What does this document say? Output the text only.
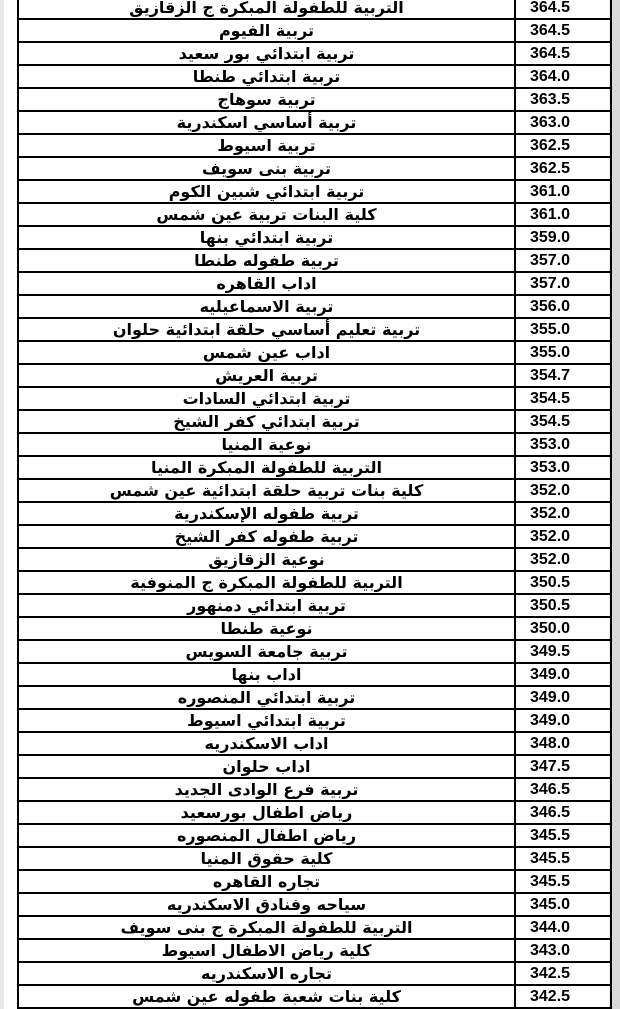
التربية للطفولة المبكرة ج الزقازيق	364.5
تربية الفيوم	364.5
تربية ابتدائي بور سعيد	364.5
تربية ابتدائي طنطا	364.0
تربية سوهاج	363.5
تربية أساسي اسكندرية	363.0
تربية اسيوط	362.5
تربية بنى سويف	362.5
تربية ابتدائي شبين الكوم	361.0
كلية البنات تربية عين شمس	361.0
تربية ابتدائي بنها	359.0
تربية طفوله طنطا	357.0
اداب القاهره	357.0
تربية الاسماعيليه	356.0
تربية تعليم أساسي حلقة ابتدائية حلوان	355.0
اداب عين شمس	355.0
تربية العريش	354.7
تربية ابتدائي السادات	354.5
تربية ابتدائي كفر الشيخ	354.5
نوعية المنيا	353.0
التربية للطفولة المبكرة المنيا	353.0
كلية بنات تربية حلقة ابتدائية عين شمس	352.0
تربية طفوله الإسكندرية	352.0
تربية طفوله كفر الشيخ	352.0
نوعية الزقازيق	352.0
التربية للطفولة المبكرة ج المنوفية	350.5
تربية ابتدائي دمنهور	350.5
نوعية طنطا	350.0
تربية جامعة السويس	349.5
اداب بنها	349.0
تربية ابتدائي المنصوره	349.0
تربية ابتدائي اسيوط	349.0
اداب الاسكندريه	348.0
اداب حلوان	347.5
تربية فرع الوادى الجديد	346.5
رياض اطفال بورسعيد	346.5
رياض اطفال المنصوره	345.5
كلية حقوق المنيا	345.5
تجاره القاهره	345.5
سياحه وفنادق الاسكندريه	345.0
التربية للطفولة المبكرة ج بنى سويف	344.0
كلية رياض الاطفال اسيوط	343.0
تجاره الاسكندريه	342.5
كلية بنات شعبة طفوله عين شمس	342.5
